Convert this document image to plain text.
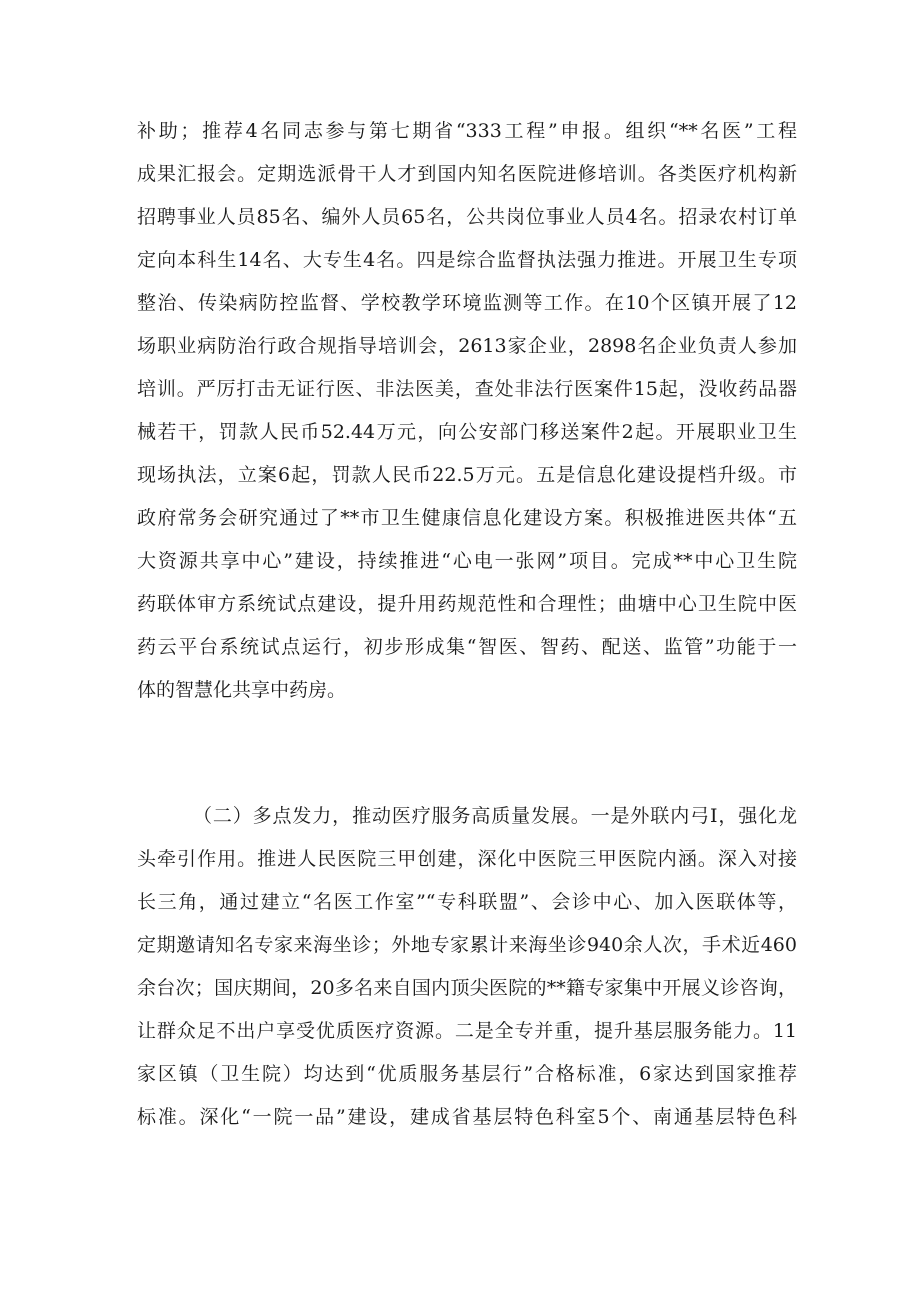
补助；推荐4名同志参与第七期省“333工程”申报。组织“**名医”工程
成果汇报会。定期选派骨干人才到国内知名医院进修培训。各类医疗机构新
招聘事业人员85名、编外人员65名，公共岗位事业人员4名。招录农村订单
定向本科生14名、大专生4名。四是综合监督执法强力推进。开展卫生专项
整治、传染病防控监督、学校教学环境监测等工作。在10个区镇开展了12
场职业病防治行政合规指导培训会，2613家企业，2898名企业负责人参加
培训。严厉打击无证行医、非法医美，查处非法行医案件15起，没收药品器
械若干，罚款人民币52.44万元，向公安部门移送案件2起。开展职业卫生
现场执法，立案6起，罚款人民币22.5万元。五是信息化建设提档升级。市
政府常务会研究通过了**市卫生健康信息化建设方案。积极推进医共体“五
大资源共享中心”建设，持续推进“心电一张网”项目。完成**中心卫生院
药联体审方系统试点建设，提升用药规范性和合理性；曲塘中心卫生院中医
药云平台系统试点运行，初步形成集“智医、智药、配送、监管”功能于一
体的智慧化共享中药房。
（二）多点发力，推动医疗服务高质量发展。一是外联内弓I，强化龙
头牵引作用。推进人民医院三甲创建，深化中医院三甲医院内涵。深入对接
长三角，通过建立“名医工作室”“专科联盟”、会诊中心、加入医联体等，
定期邀请知名专家来海坐诊；外地专家累计来海坐诊940余人次，手术近460
余台次；国庆期间，20多名来自国内顶尖医院的**籍专家集中开展义诊咨询，
让群众足不出户享受优质医疗资源。二是全专并重，提升基层服务能力。11
家区镇（卫生院）均达到“优质服务基层行”合格标准，6家达到国家推荐
标准。深化“一院一品”建设，建成省基层特色科室5个、南通基层特色科
